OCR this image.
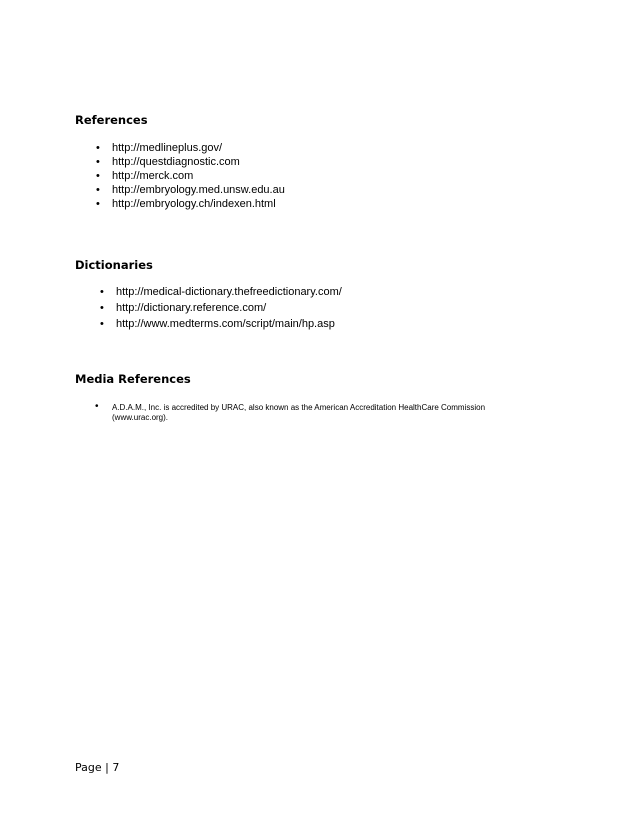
References
• http://medlineplus.gov/
• http://questdiagnostic.com
• http://merck.com
• http://embryology.med.unsw.edu.au
• http://embryology.ch/indexen.html
Dictionaries
• http://medical-dictionary.thefreedictionary.com/
• http://dictionary.reference.com/
• http://www.medterms.com/script/main/hp.asp
Media References
• A.D.A.M., Inc. is accredited by URAC, also known as the American Accreditation HealthCare Commission (www.urac.org).
Page | 7
